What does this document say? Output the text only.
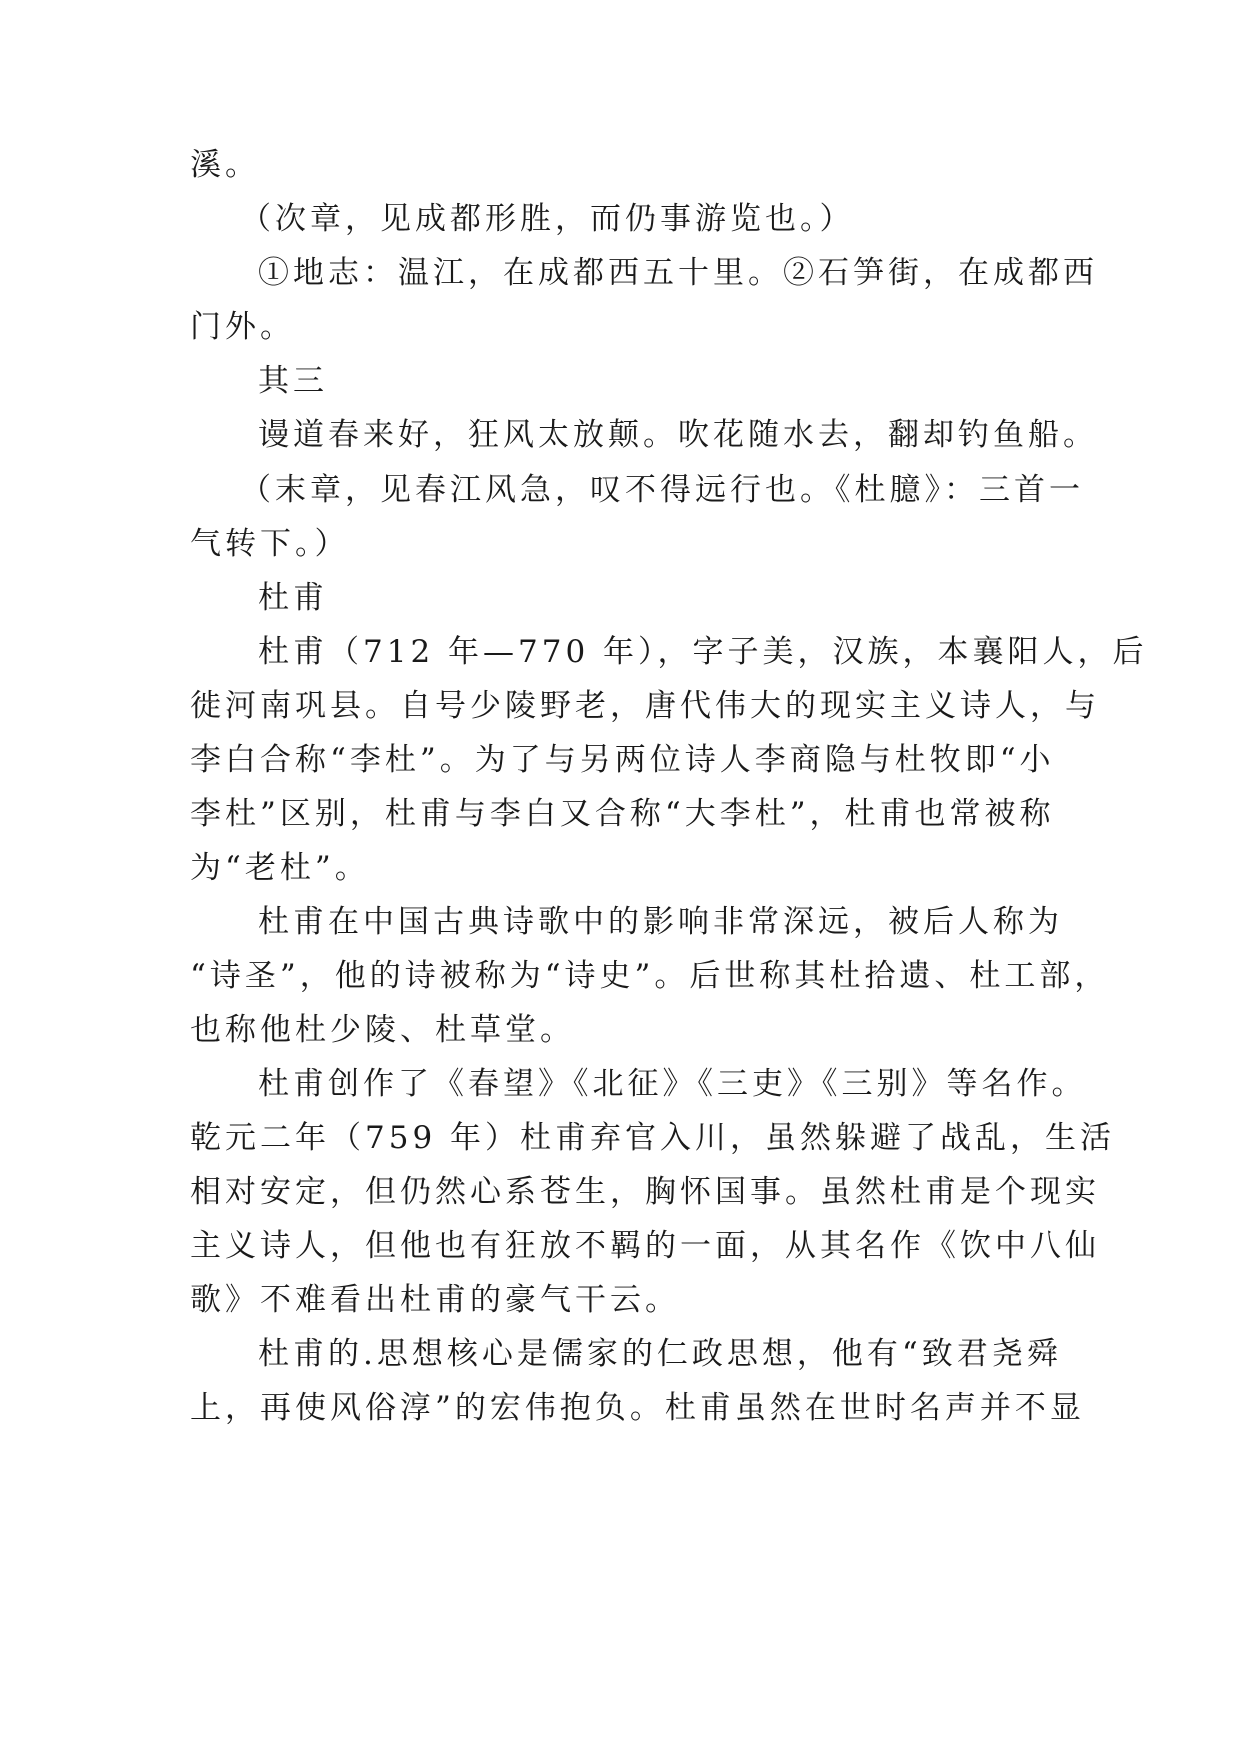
溪。
（次章，见成都形胜，而仍事游览也。）
①地志：温江，在成都西五十里。②石笋街，在成都西
门外。
其三
谩道春来好，狂风太放颠。吹花随水去，翻却钓鱼船。
（末章，见春江风急，叹不得远行也。《杜臆》：三首一
气转下。）
杜甫
杜甫（712 年—770 年），字子美，汉族，本襄阳人，后
徙河南巩县。自号少陵野老，唐代伟大的现实主义诗人，与
李白合称“李杜”。为了与另两位诗人李商隐与杜牧即“小
李杜”区别，杜甫与李白又合称“大李杜”，杜甫也常被称
为“老杜”。
杜甫在中国古典诗歌中的影响非常深远，被后人称为
“诗圣”，他的诗被称为“诗史”。后世称其杜拾遗、杜工部，
也称他杜少陵、杜草堂。
杜甫创作了《春望》《北征》《三吏》《三别》等名作。
乾元二年（759 年）杜甫弃官入川，虽然躲避了战乱，生活
相对安定，但仍然心系苍生，胸怀国事。虽然杜甫是个现实
主义诗人，但他也有狂放不羁的一面，从其名作《饮中八仙
歌》不难看出杜甫的豪气干云。
杜甫的.思想核心是儒家的仁政思想，他有“致君尧舜
上，再使风俗淳”的宏伟抱负。杜甫虽然在世时名声并不显
